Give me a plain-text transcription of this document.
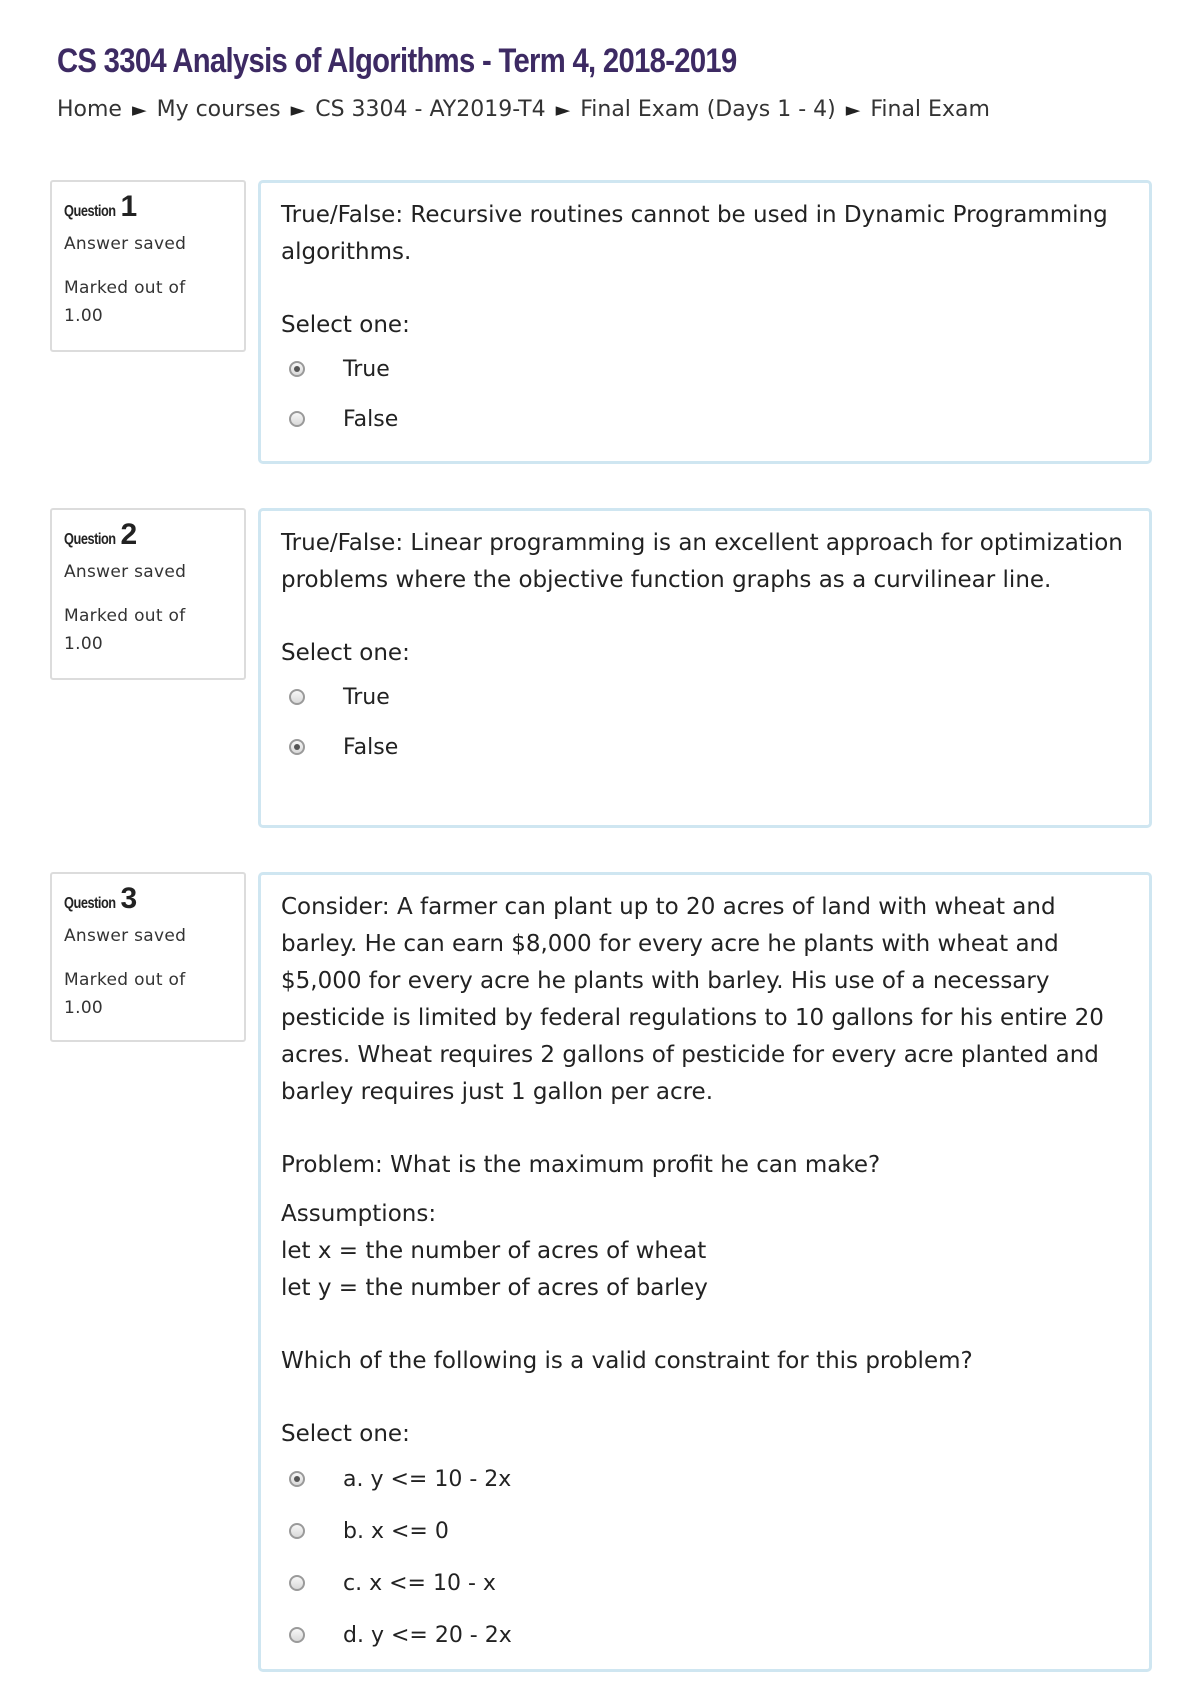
CS 3304 Analysis of Algorithms - Term 4, 2018-2019
Home ► My courses ► CS 3304 - AY2019-T4 ► Final Exam (Days 1 - 4) ► Final Exam
Question 1
Answer saved
Marked out of
1.00

True/False: Recursive routines cannot be used in Dynamic Programming algorithms.

Select one:

True
False
Question 2
Answer saved
Marked out of
1.00

True/False: Linear programming is an excellent approach for optimization problems where the objective function graphs as a curvilinear line.

Select one:

True
False
Question 3
Answer saved
Marked out of
1.00

Consider: A farmer can plant up to 20 acres of land with wheat and barley. He can earn $8,000 for every acre he plants with wheat and $5,000 for every acre he plants with barley. His use of a necessary pesticide is limited by federal regulations to 10 gallons for his entire 20 acres. Wheat requires 2 gallons of pesticide for every acre planted and barley requires just 1 gallon per acre.

Problem: What is the maximum profit he can make?

Assumptions:

let x = the number of acres of wheat

let y = the number of acres of barley

Which of the following is a valid constraint for this problem?

Select one:

a. y <= 10 - 2x
b. x <= 0
c. x <= 10 - x
d. y <= 20 - 2x
